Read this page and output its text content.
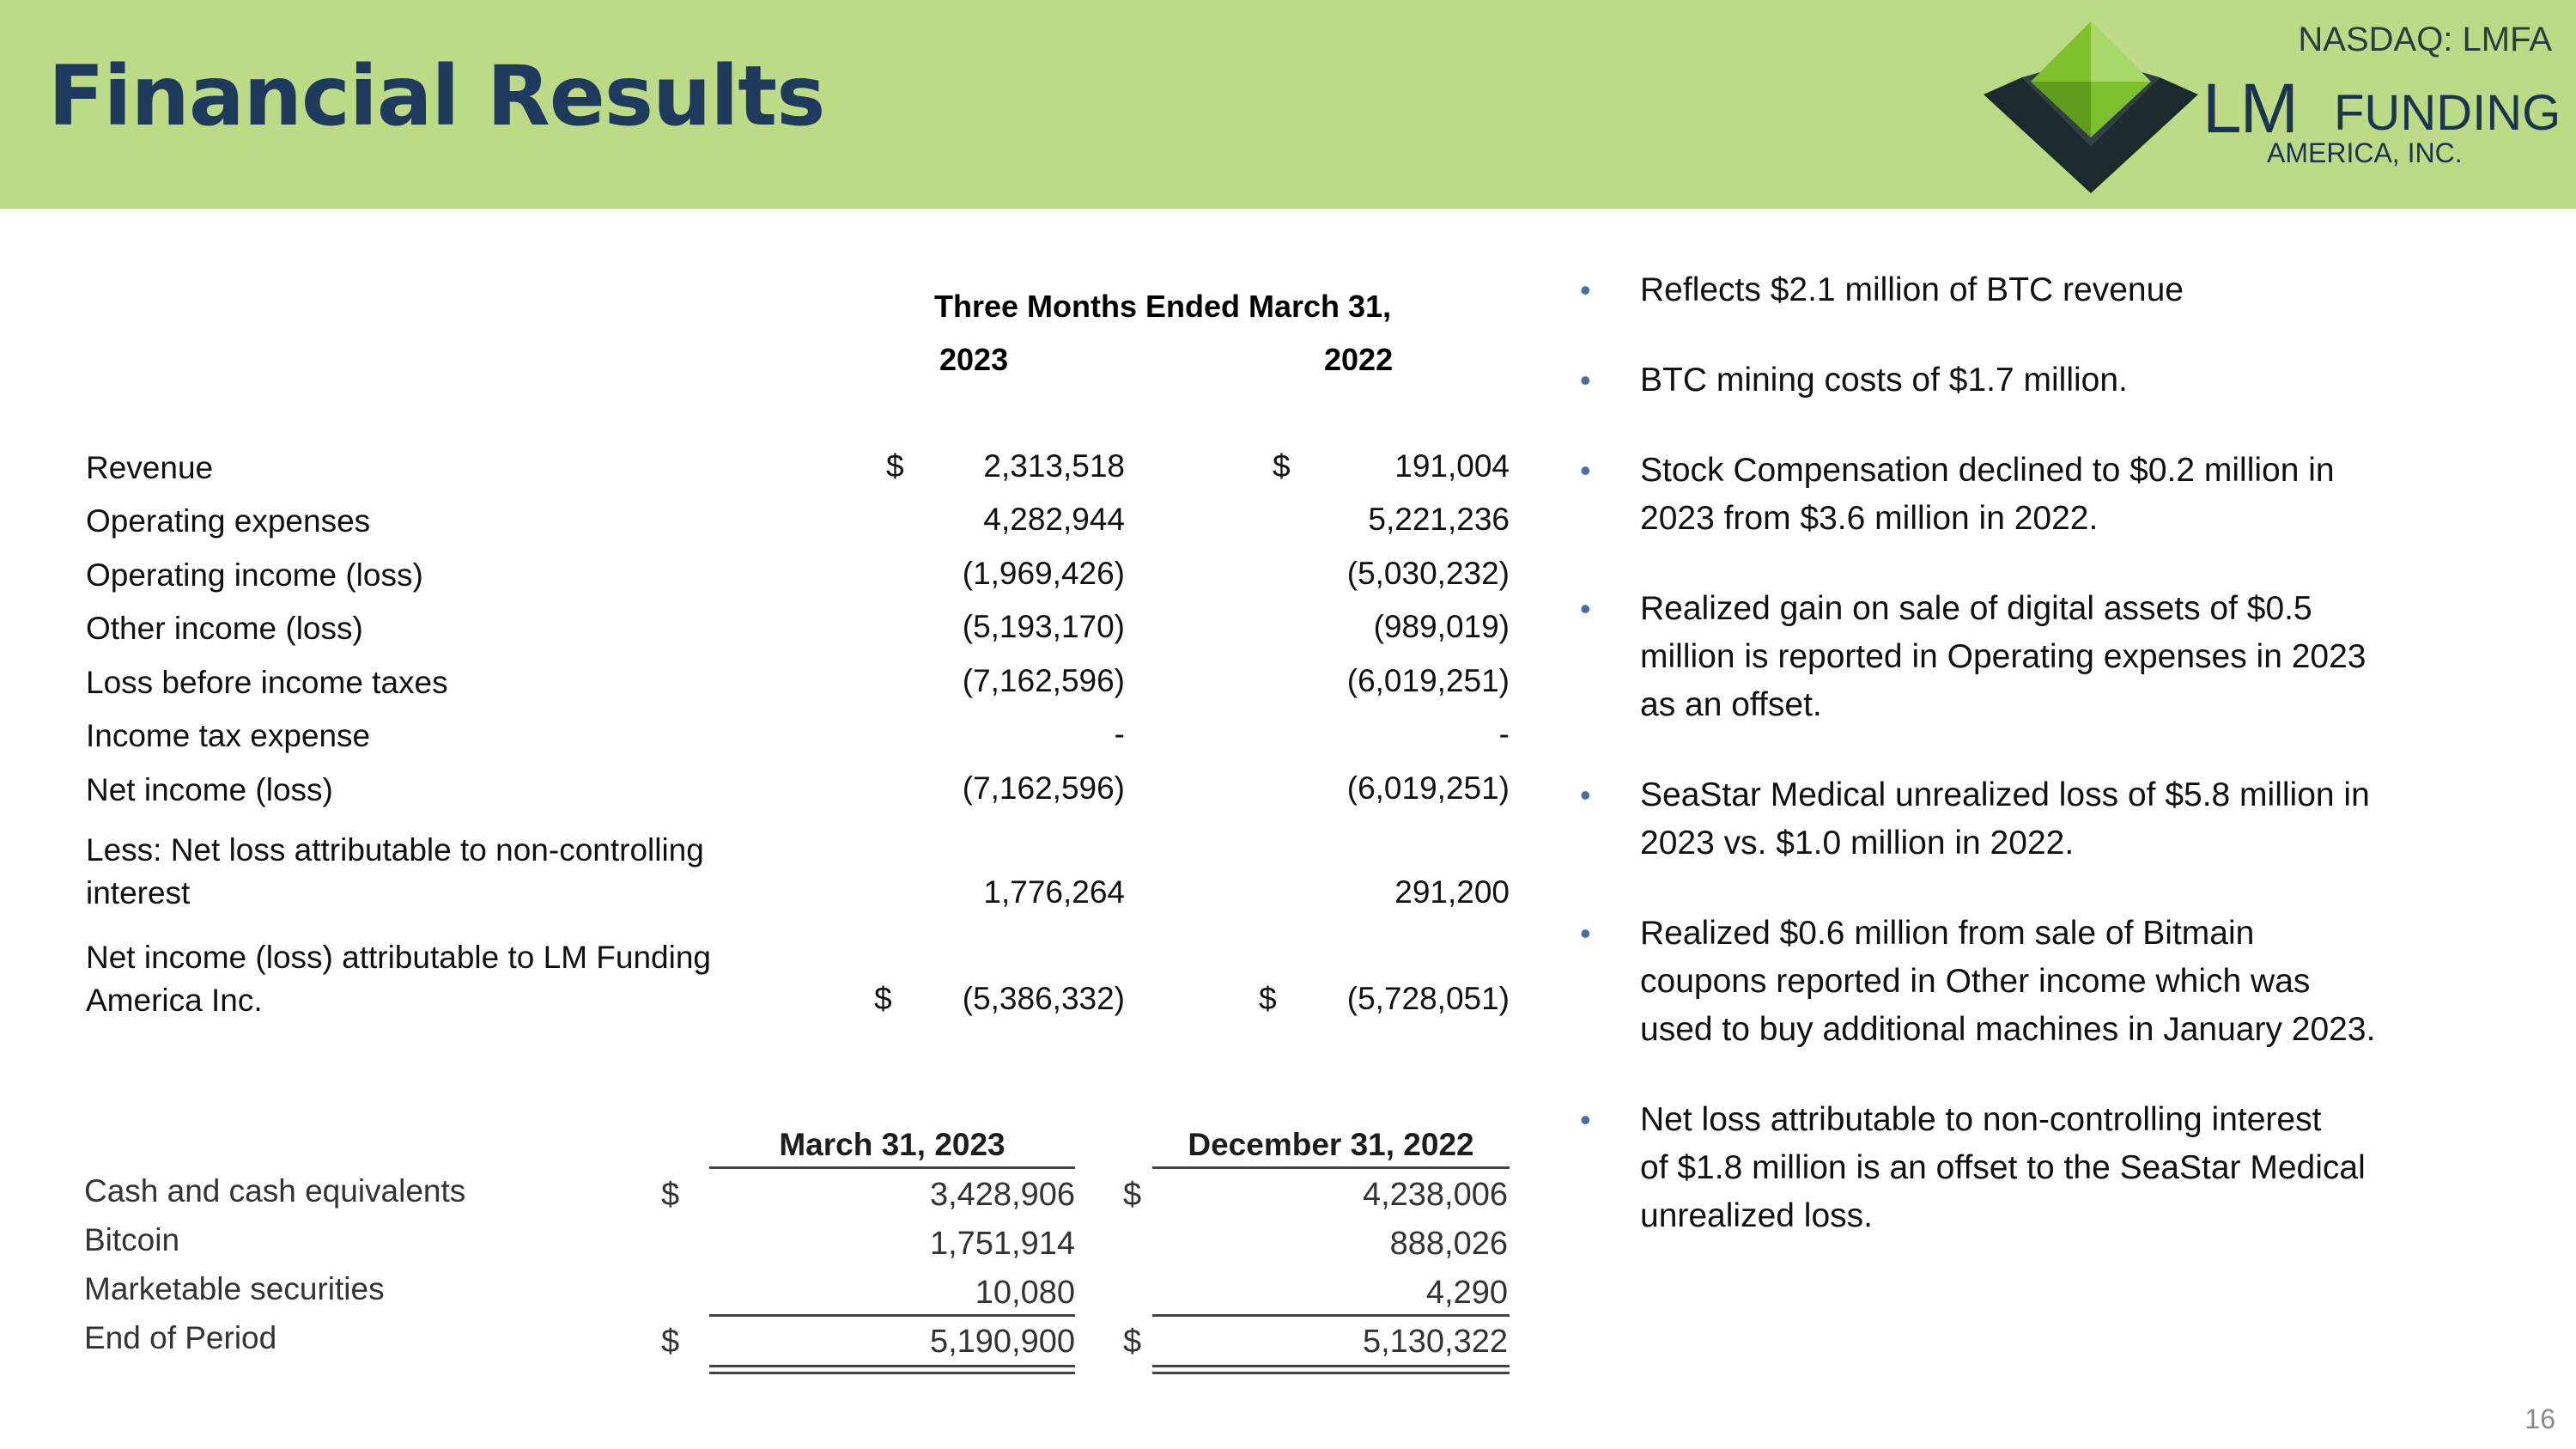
Financial Results
NASDAQ: LMFA
LM FUNDING
AMERICA, INC.
Three Months Ended March 31,
2023	2022
Revenue	$	2,313,518	$	191,004
Operating expenses	4,282,944	5,221,236
Operating income (loss)	(1,969,426)	(5,030,232)
Other income (loss)	(5,193,170)	(989,019)
Loss before income taxes	(7,162,596)	(6,019,251)
Income tax expense	-	-
Net income (loss)	(7,162,596)	(6,019,251)
Less: Net loss attributable to non-controlling
interest	1,776,264	291,200
Net income (loss) attributable to LM Funding
America Inc.	$	(5,386,332)	$	(5,728,051)
March 31, 2023	December 31, 2022
Cash and cash equivalents	$	3,428,906 $	4,238,006
Bitcoin	1,751,914	888,026
Marketable securities	10,080	4,290
End of Period	$	5,190,900 $	5,130,322
• Reflects $2.1 million of BTC revenue
• BTC mining costs of $1.7 million.
• Stock Compensation declined to $0.2 million in
2023 from $3.6 million in 2022.
• Realized gain on sale of digital assets of $0.5
million is reported in Operating expenses in 2023
as an offset.
• SeaStar Medical unrealized loss of $5.8 million in
2023 vs. $1.0 million in 2022.
• Realized $0.6 million from sale of Bitmain
coupons reported in Other income which was
used to buy additional machines in January 2023.
• Net loss attributable to non-controlling interest
of $1.8 million is an offset to the SeaStar Medical
unrealized loss.
16
